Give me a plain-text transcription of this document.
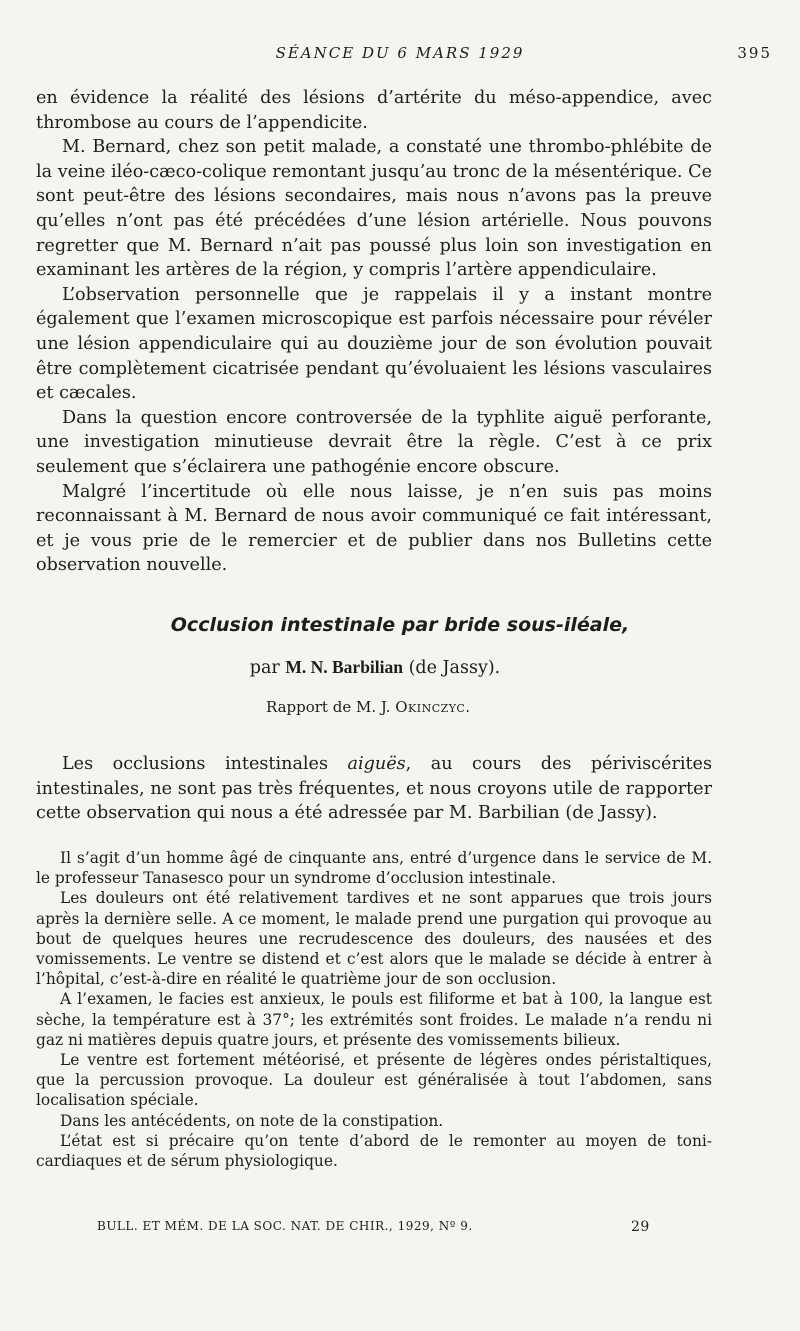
SÉANCE DU 6 MARS 1929	395

en évidence la réalité des lésions d’artérite du méso-appendice, avec thrombose au cours de l’appendicite.

M. Bernard, chez son petit malade, a constaté une thrombo-phlébite de la veine iléo-cæco-colique remontant jusqu’au tronc de la mésentérique. Ce sont peut-être des lésions secondaires, mais nous n’avons pas la preuve qu’elles n’ont pas été précédées d’une lésion artérielle. Nous pouvons regretter que M. Bernard n’ait pas poussé plus loin son investigation en examinant les artères de la région, y compris l’artère appendiculaire.

L’observation personnelle que je rappelais il y a instant montre également que l’examen microscopique est parfois nécessaire pour révéler une lésion appendiculaire qui au douzième jour de son évolution pouvait être complètement cicatrisée pendant qu’évoluaient les lésions vasculaires et cæcales.

Dans la question encore controversée de la typhlite aiguë perforante, une investigation minutieuse devrait être la règle. C’est à ce prix seulement que s’éclairera une pathogénie encore obscure.

Malgré l’incertitude où elle nous laisse, je n’en suis pas moins reconnaissant à M. Bernard de nous avoir communiqué ce fait intéressant, et je vous prie de le remercier et de publier dans nos Bulletins cette observation nouvelle.

Occlusion intestinale par bride sous-iléale,
par M. N. Barbilian (de Jassy).
Rapport de M. J. Okinczyc.

Les occlusions intestinales aiguës, au cours des périviscérites intestinales, ne sont pas très fréquentes, et nous croyons utile de rapporter cette observation qui nous a été adressée par M. Barbilian (de Jassy).

Il s’agit d’un homme âgé de cinquante ans, entré d’urgence dans le service de M. le professeur Tanasesco pour un syndrome d’occlusion intestinale.

Les douleurs ont été relativement tardives et ne sont apparues que trois jours après la dernière selle. A ce moment, le malade prend une purgation qui provoque au bout de quelques heures une recrudescence des douleurs, des nausées et des vomissements. Le ventre se distend et c’est alors que le malade se décide à entrer à l’hôpital, c’est-à-dire en réalité le quatrième jour de son occlusion.

A l’examen, le facies est anxieux, le pouls est filiforme et bat à 100, la langue est sèche, la température est à 37°; les extrémités sont froides. Le malade n’a rendu ni gaz ni matières depuis quatre jours, et présente des vomissements bilieux.

Le ventre est fortement météorisé, et présente de légères ondes péristaltiques, que la percussion provoque. La douleur est généralisée à tout l’abdomen, sans localisation spéciale.

Dans les antécédents, on note de la constipation.

L’état est si précaire qu’on tente d’abord de le remonter au moyen de toni-cardiaques et de sérum physiologique.

BULL. ET MÉM. DE LA SOC. NAT. DE CHIR., 1929, Nº 9.	29
